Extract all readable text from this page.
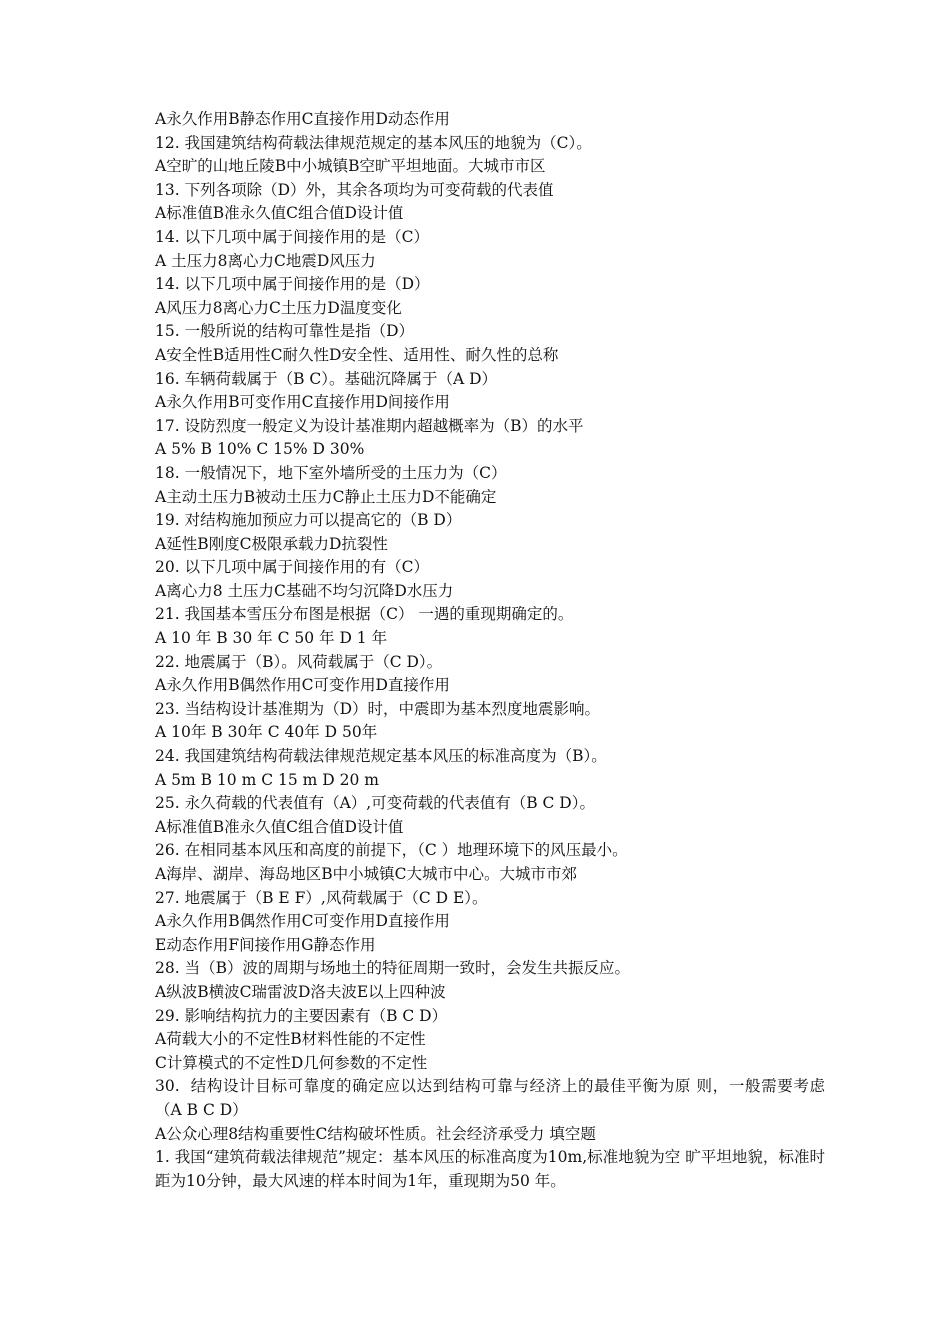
A永久作用B静态作用C直接作用D动态作用

12. 我国建筑结构荷载法律规范规定的基本风压的地貌为（C）。

A空旷的山地丘陵B中小城镇B空旷平坦地面。大城市市区

13. 下列各项除（D）外，其余各项均为可变荷载的代表值

A标准值B准永久值C组合值D设计值

14. 以下几项中属于间接作用的是（C）

A 土压力8离心力C地震D风压力

14. 以下几项中属于间接作用的是（D）

A风压力8离心力C土压力D温度变化

15. 一般所说的结构可靠性是指（D）

A安全性B适用性C耐久性D安全性、适用性、耐久性的总称

16. 车辆荷载属于（B C）。基础沉降属于（A D）

A永久作用B可变作用C直接作用D间接作用

17. 设防烈度一般定义为设计基准期内超越概率为（B）的水平

A 5% B 10% C 15% D 30%

18. 一般情况下，地下室外墙所受的土压力为（C）

A主动土压力B被动土压力C静止土压力D不能确定

19. 对结构施加预应力可以提高它的（B D）

A延性B刚度C极限承载力D抗裂性

20. 以下几项中属于间接作用的有（C）

A离心力8 土压力C基础不均匀沉降D水压力

21. 我国基本雪压分布图是根据（C） 一遇的重现期确定的。

A 10 年 B 30 年 C 50 年 D 1 年

22. 地震属于（B）。风荷载属于（C D）。

A永久作用B偶然作用C可变作用D直接作用

23. 当结构设计基准期为（D）时，中震即为基本烈度地震影响。

A 10年 B 30年 C 40年 D 50年

24. 我国建筑结构荷载法律规范规定基本风压的标准高度为（B）。

A 5m B 10 m C 15 m D 20 m

25. 永久荷载的代表值有（A）,可变荷载的代表值有（B C D）。

A标准值B准永久值C组合值D设计值

26. 在相同基本风压和高度的前提下，（C ）地理环境下的风压最小。

A海岸、湖岸、海岛地区B中小城镇C大城市中心。大城市市郊

27. 地震属于（B E F）,风荷载属于（C D E）。

A永久作用B偶然作用C可变作用D直接作用

E动态作用F间接作用G静态作用

28. 当（B）波的周期与场地土的特征周期一致时，会发生共振反应。

A纵波B横波C瑞雷波D洛夫波E以上四种波

29. 影响结构抗力的主要因素有（B C D）

A荷载大小的不定性B材料性能的不定性

C计算模式的不定性D几何参数的不定性

30.  结构设计目标可靠度的确定应以达到结构可靠与经济上的最佳平衡为原 则，一般需要考虑（A B C D）

A公众心理8结构重要性C结构破坏性质。社会经济承受力 填空题

1. 我国“建筑荷载法律规范”规定：基本风压的标准高度为10m,标准地貌为空 旷平坦地貌，标准时距为10分钟，最大风速的样本时间为1年，重现期为50 年。
